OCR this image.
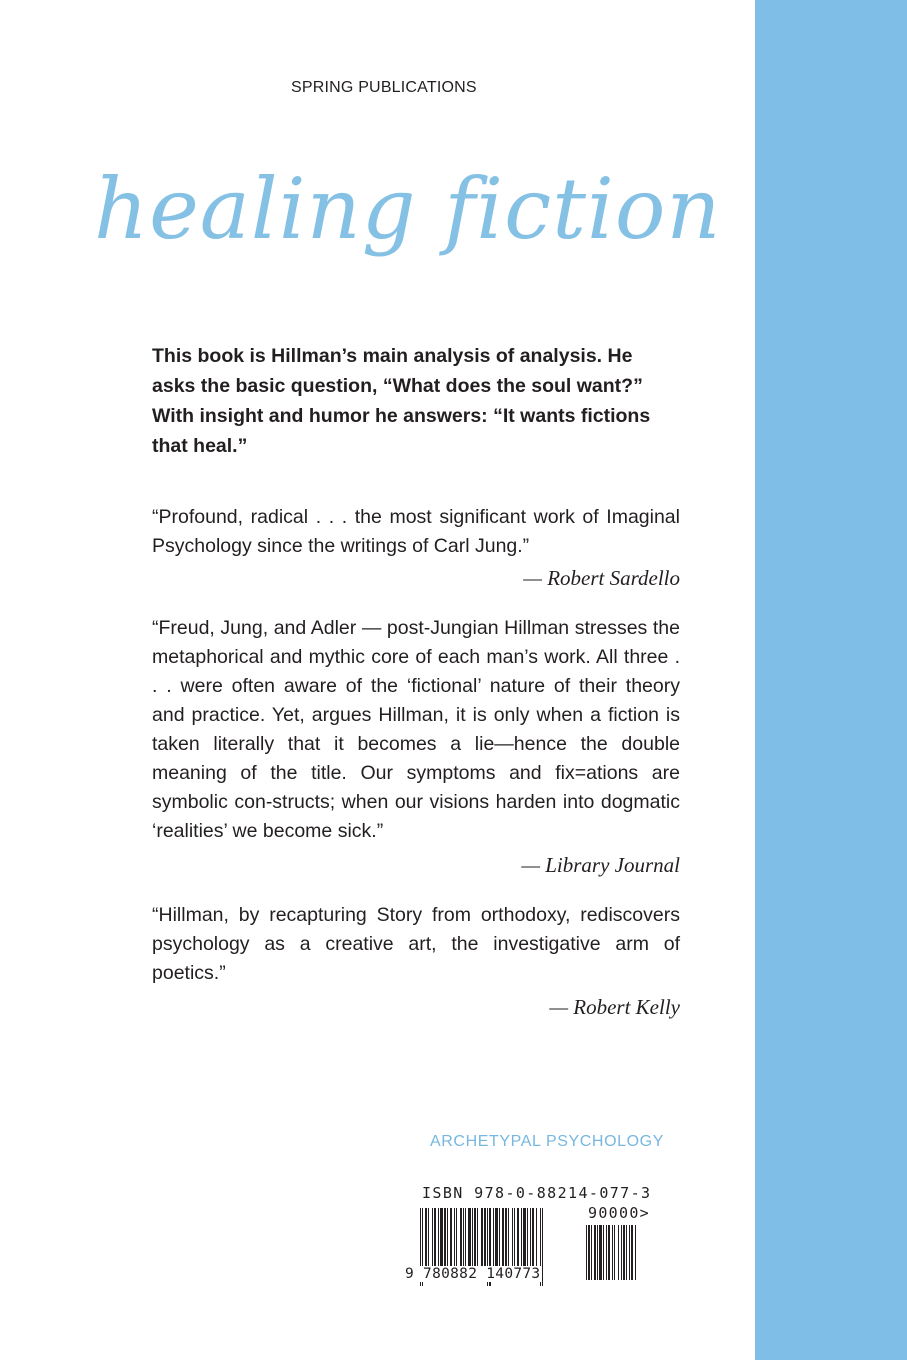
SPRING PUBLICATIONS
healing fiction

This book is Hillman’s main analysis of analysis. He asks the basic question, “What does the soul want?” With insight and humor he answers: “It wants fictions that heal.”

“Profound, radical . . . the most significant work of Imaginal Psychology since the writings of Carl Jung.”

— Robert Sardello

“Freud, Jung, and Adler — post-Jungian Hillman stresses the metaphorical and mythic core of each man’s work. All three . . . were often aware of the ‘fictional’ nature of their theory and practice. Yet, argues Hillman, it is only when a fiction is taken literally that it becomes a lie—hence the double meaning of the title. Our symptoms and fix=ations are symbolic con-structs; when our visions harden into dogmatic ‘realities’ we become sick.”

— Library Journal

“Hillman, by recapturing Story from orthodoxy, rediscovers psychology as a creative art, the investigative arm of poetics.”

— Robert Kelly

ARCHETYPAL PSYCHOLOGY
ISBN 978-0-88214-077-3
90000>
9 780882 140773
